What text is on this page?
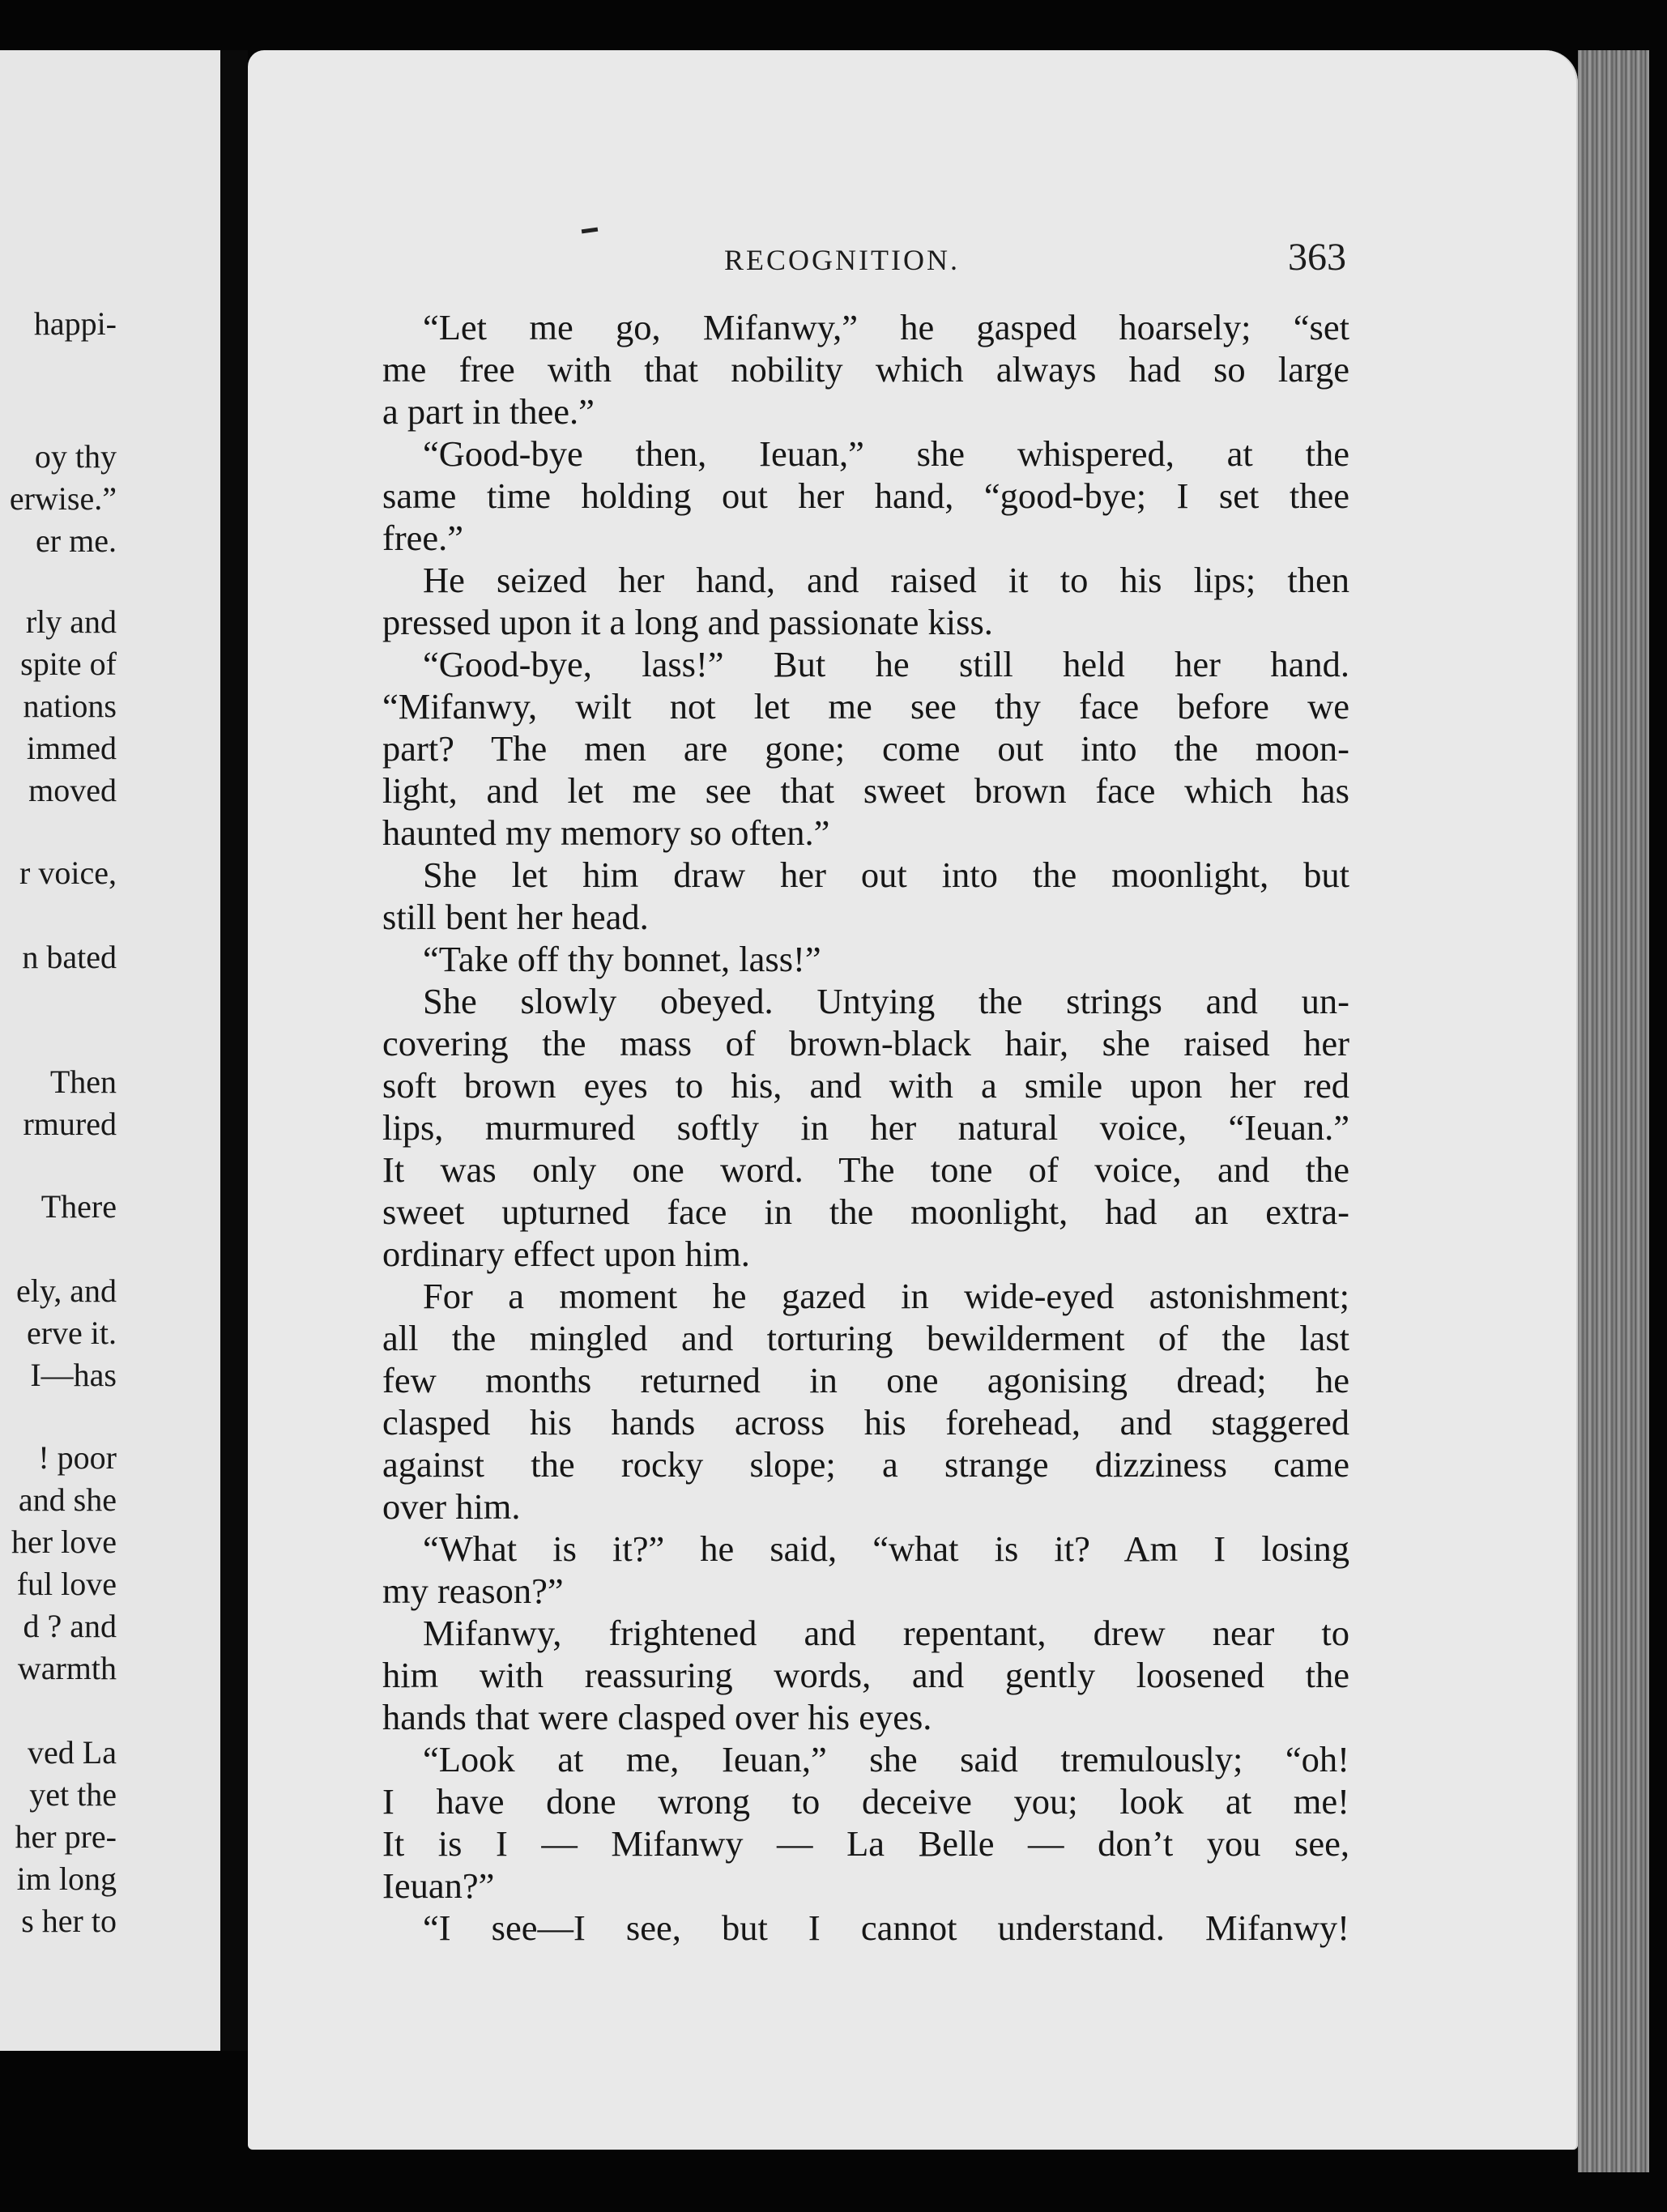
happi-
oy thy
erwise.”
er me.
rly and
spite of
nations
immed
moved
r voice,
n bated
Then
rmured
There
ely, and
erve it.
I—has
! poor
and she
her love
ful love
d ? and
warmth
ved La
yet the
her pre-
im long
s her to
RECOGNITION.	363
“Let me go, Mifanwy,” he gasped hoarsely; “set
me free with that nobility which always had so large
a part in thee.”
“Good-bye then, Ieuan,” she whispered, at the
same time holding out her hand, “good-bye; I set thee
free.”
He seized her hand, and raised it to his lips; then
pressed upon it a long and passionate kiss.
“Good-bye, lass!” But he still held her hand.
“Mifanwy, wilt not let me see thy face before we
part? The men are gone; come out into the moon-
light, and let me see that sweet brown face which has
haunted my memory so often.”
She let him draw her out into the moonlight, but
still bent her head.
“Take off thy bonnet, lass!”
She slowly obeyed. Untying the strings and un-
covering the mass of brown-black hair, she raised her
soft brown eyes to his, and with a smile upon her red
lips, murmured softly in her natural voice, “Ieuan.”
It was only one word. The tone of voice, and the
sweet upturned face in the moonlight, had an extra-
ordinary effect upon him.
For a moment he gazed in wide-eyed astonishment;
all the mingled and torturing bewilderment of the last
few months returned in one agonising dread; he
clasped his hands across his forehead, and staggered
against the rocky slope; a strange dizziness came
over him.
“What is it?” he said, “what is it? Am I losing
my reason?”
Mifanwy, frightened and repentant, drew near to
him with reassuring words, and gently loosened the
hands that were clasped over his eyes.
“Look at me, Ieuan,” she said tremulously; “oh!
I have done wrong to deceive you; look at me!
It is I — Mifanwy — La Belle — don’t you see,
Ieuan?”
“I see—I see, but I cannot understand. Mifanwy!
